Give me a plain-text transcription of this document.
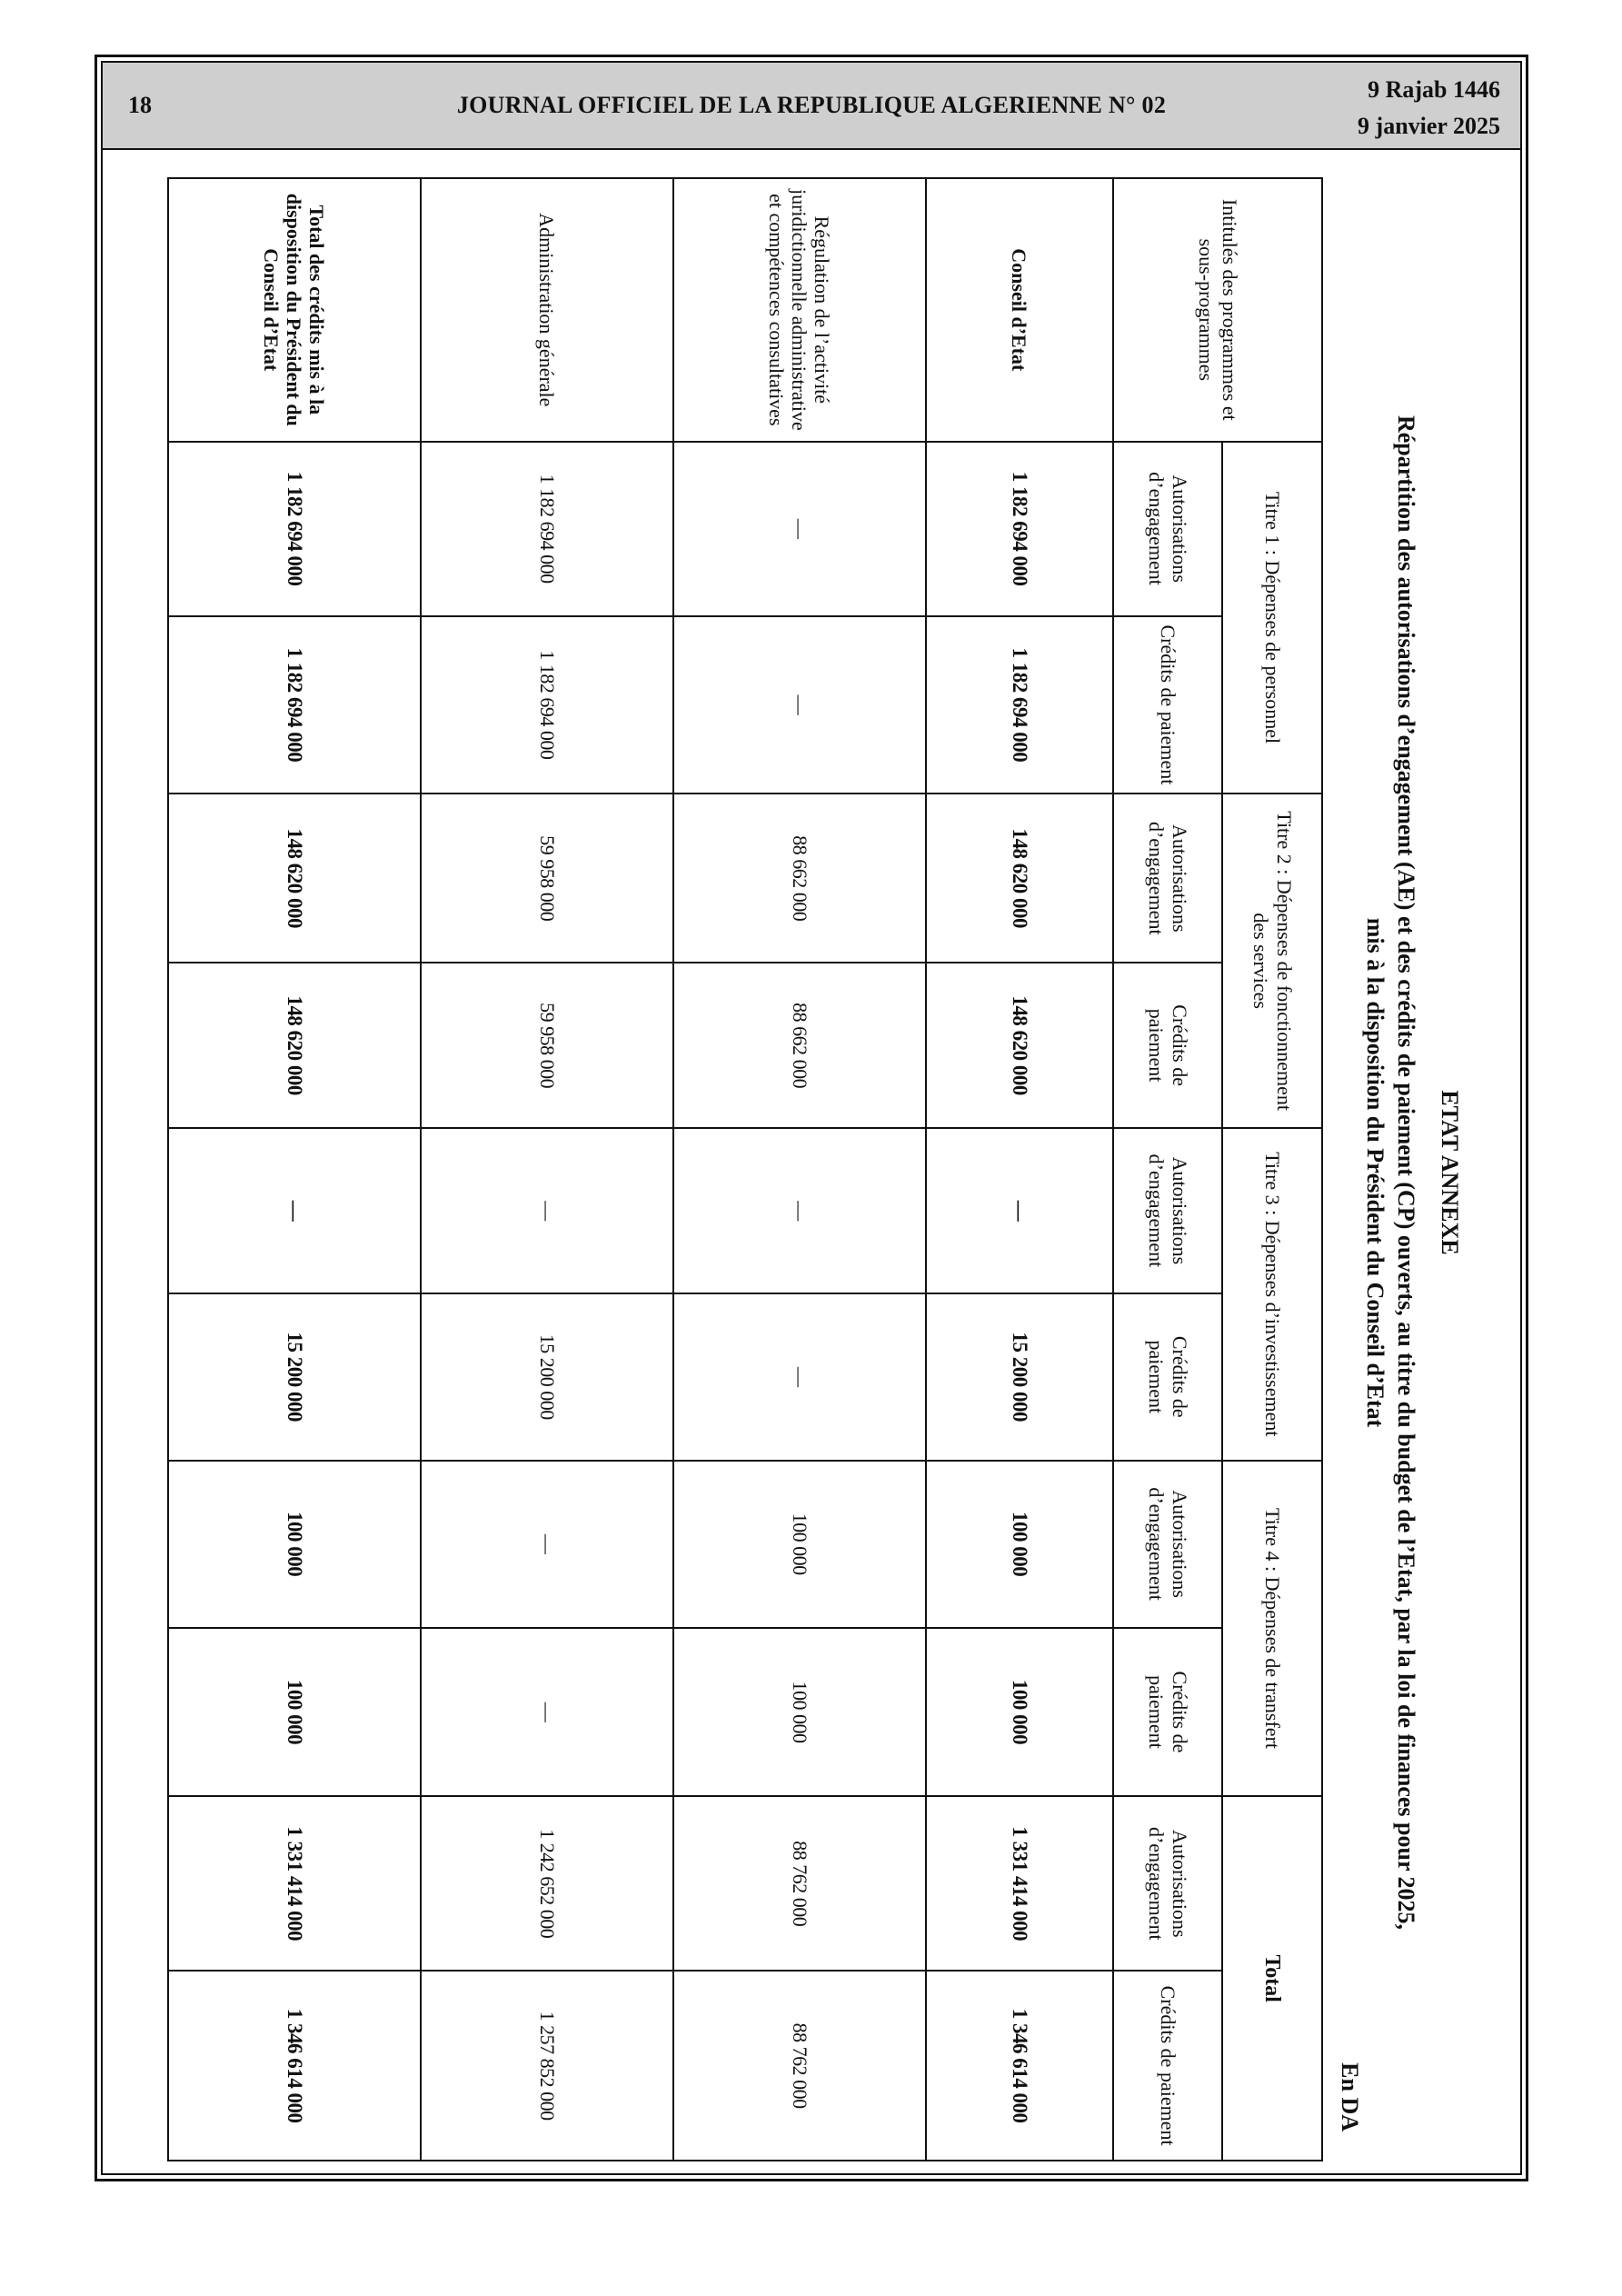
18	JOURNAL OFFICIEL DE LA REPUBLIQUE ALGERIENNE N° 02
9 Rajab 1446
9 janvier 2025
ETAT ANNEXE
Répartition des autorisations d’engagement (AE) et des crédits de paiement (CP) ouverts, au titre du budget de l’Etat, par la loi de finances pour 2025,
mis à la disposition du Président du Conseil d’Etat
En DA
Intitulés des programmes et sous-programmes	Titre 1 : Dépenses de personnel		Titre 2 : Dépenses de fonctionnement des services		Titre 3 : Dépenses d’investissement		Titre 4 : Dépenses de transfert		Total	
	Autorisations d’engagement	Crédits de paiement	Autorisations d’engagement	Crédits de paiement	Autorisations d’engagement	Crédits de paiement	Autorisations d’engagement	Crédits de paiement	Autorisations d’engagement	Crédits de paiement
Conseil d’Etat	1 182 694 000	1 182 694 000	148 620 000	148 620 000	—	15 200 000	100 000	100 000	1 331 414 000	1 346 614 000
Régulation de l’activité juridictionnelle administrative et compétences consultatives	—	—	88 662 000	88 662 000	—	—	100 000	100 000	88 762 000	88 762 000
Administration générale	1 182 694 000	1 182 694 000	59 958 000	59 958 000	—	15 200 000	—	—	1 242 652 000	1 257 852 000
Total des crédits mis à la disposition du Président du Conseil d’Etat	1 182 694 000	1 182 694 000	148 620 000	148 620 000	—	15 200 000	100 000	100 000	1 331 414 000	1 346 614 000
